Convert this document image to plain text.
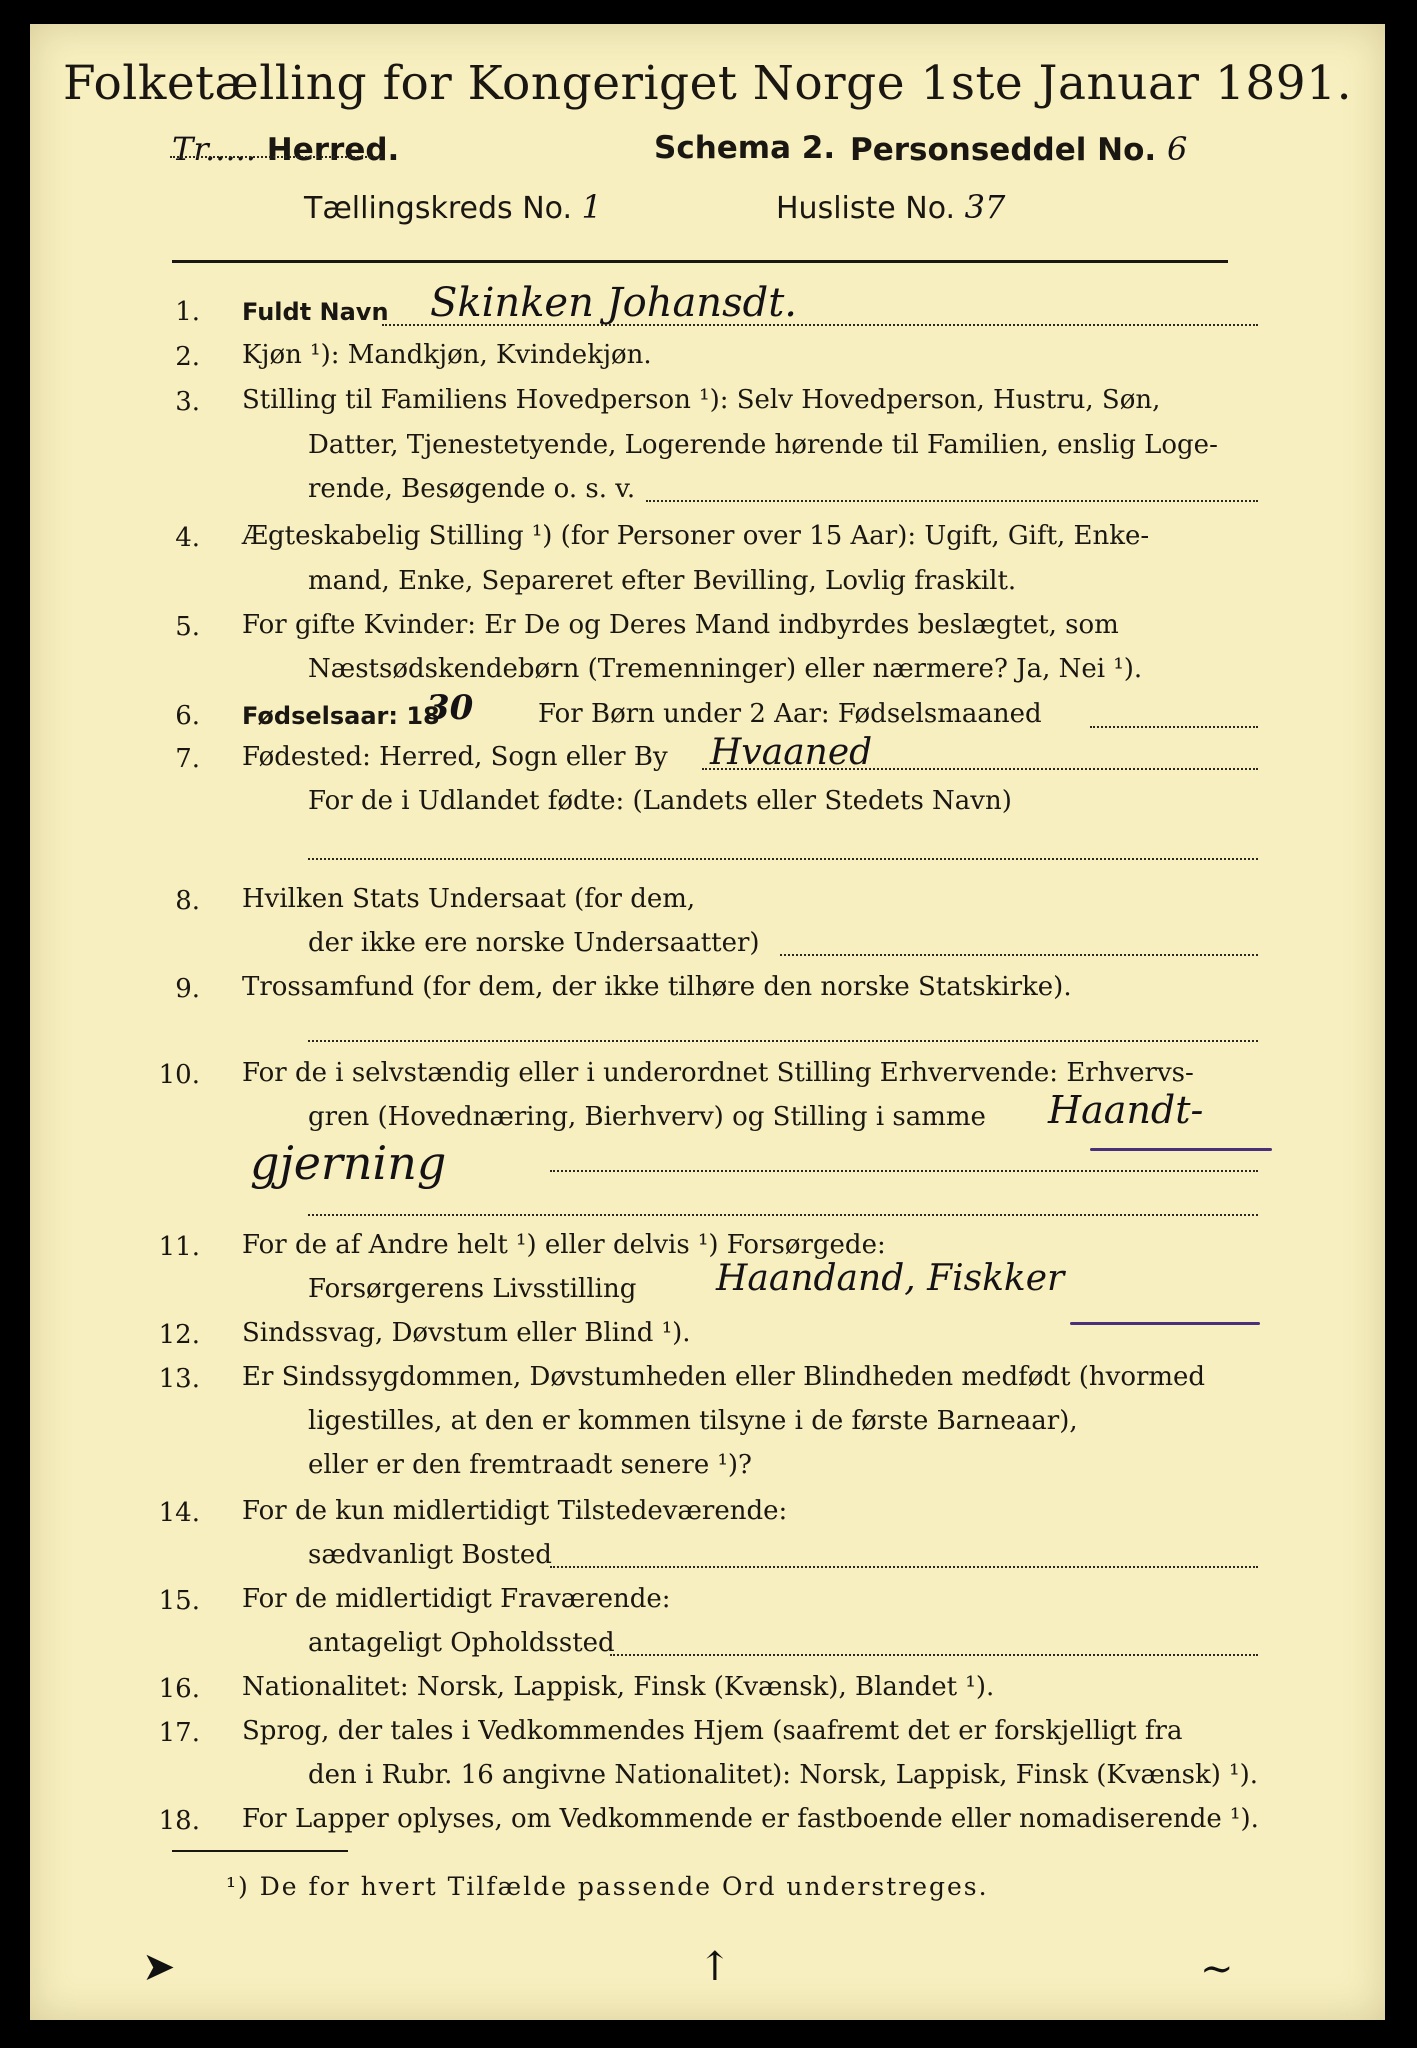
Folketælling for Kongeriget Norge 1ste Januar 1891.
Tr..... Herred.	Schema 2. Personseddel No. 6
Tællingskreds No. 1	Husliste No. 37
1. Fuldt Navn Skinken Johansdt.
2. Kjøn ¹): Mandkjøn, Kvindekjøn.
3. Stilling til Familiens Hovedperson ¹): Selv Hovedperson, Hustru, Søn,
Datter, Tjenestetyende, Logerende hørende til Familien, enslig Loge-
rende, Besøgende o. s. v.
4. Ægteskabelig Stilling ¹) (for Personer over 15 Aar): Ugift, Gift, Enke-
mand, Enke, Separeret efter Bevilling, Lovlig fraskilt.
5. For gifte Kvinder: Er De og Deres Mand indbyrdes beslægtet, som
Næstsødskendebørn (Tremenninger) eller nærmere? Ja, Nei ¹).
6. Fødselsaar: 18
30 For Børn under 2 Aar: Fødselsmaaned
7. Fødested: Herred, Sogn eller By Hvaaned
For de i Udlandet fødte: (Landets eller Stedets Navn)
8. Hvilken Stats Undersaat (for dem,
der ikke ere norske Undersaatter)
9. Trossamfund (for dem, der ikke tilhøre den norske Statskirke).
10. For de i selvstændig eller i underordnet Stilling Erhvervende: Erhvervs-
gren (Hovednæring, Bierhverv) og Stilling i samme Haandt-
gjerning
11. For de af Andre helt ¹) eller delvis ¹) Forsørgede:
Forsørgerens Livsstilling Haandand, Fiskker
12. Sindssvag, Døvstum eller Blind ¹).
13. Er Sindssygdommen, Døvstumheden eller Blindheden medfødt (hvormed
ligestilles, at den er kommen tilsyne i de første Barneaar),
eller er den fremtraadt senere ¹)?
14. For de kun midlertidigt Tilstedeværende:
sædvanligt Bosted
15. For de midlertidigt Fraværende:
antageligt Opholdssted
16. Nationalitet: Norsk, Lappisk, Finsk (Kvænsk), Blandet ¹).
17. Sprog, der tales i Vedkommendes Hjem (saafremt det er forskjelligt fra
den i Rubr. 16 angivne Nationalitet): Norsk, Lappisk, Finsk (Kvænsk) ¹).
18. For Lapper oplyses, om Vedkommende er fastboende eller nomadiserende ¹).
¹) De for hvert Tilfælde passende Ord understreges.
➤	↑	∼
